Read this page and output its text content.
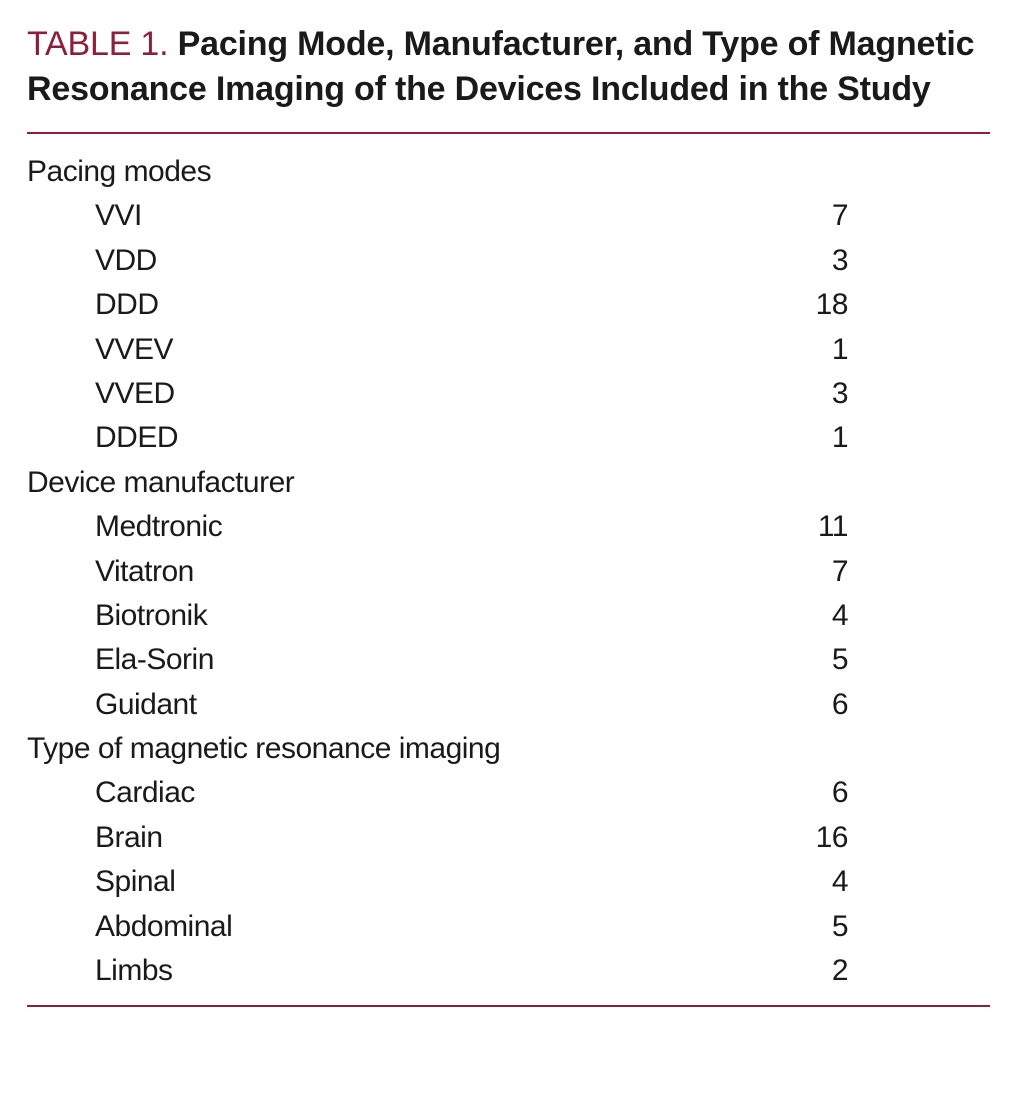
TABLE 1. Pacing Mode, Manufacturer, and Type of Magnetic Resonance Imaging of the Devices Included in the Study
Pacing modes
VVI	7
VDD	3
DDD	18
VVEV	1
VVED	3
DDED	1
Device manufacturer
Medtronic	11
Vitatron	7
Biotronik	4
Ela-Sorin	5
Guidant	6
Type of magnetic resonance imaging
Cardiac	6
Brain	16
Spinal	4
Abdominal	5
Limbs	2
